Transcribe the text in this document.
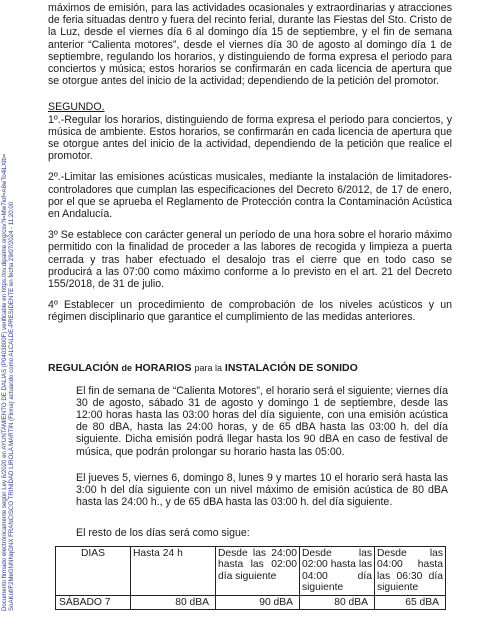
Documento firmado electrónicamente según Ley 6/2020 en AYUNTAMIENTO DE DALIAS (P0403800F) verificable en https://ov.dipalme.org/csv?i=Mw7iof=A8wTo4iLXlb= SoAKof/F2MeGNNNqGNX FRANCISCO TRINIDAD LIROLA MARTIN (Firma) actuando como ALCALDE-PRESIDENTE en fecha 29/07/2024 - 11:20:00

máximos de emisión, para las actividades ocasionales y extraordinarias y atracciones de feria situadas dentro y fuera del recinto ferial, durante las Fiestas del Sto. Cristo de la Luz, desde el viernes día 6 al domingo día 15 de septiembre, y el fin de semana anterior “Calienta motores”, desde el viernes día 30 de agosto al domingo día 1 de septiembre, regulando los horarios, y distinguiendo de forma expresa el periodo para conciertos y música; estos horarios se confirmarán en cada licencia de apertura que se otorgue antes del inicio de la actividad; dependiendo de la petición del promotor.

SEGUNDO.

1º.-Regular los horarios, distinguiendo de forma expresa el periodo para conciertos, y música de ambiente. Estos horarios, se confirmarán en cada licencia de apertura que se otorgue antes del inicio de la actividad, dependiendo de la petición que realice el promotor.

2º.-Limitar las emisiones acústicas musicales, mediante la instalación de limitadores-controladores que cumplan las especificaciones del Decreto 6/2012, de 17 de enero, por el que se aprueba el Reglamento de Protección contra la Contaminación Acústica en Andalucía.

3º Se establece con carácter general un período de una hora sobre el horario máximo permitido con la finalidad de proceder a las labores de recogida y limpieza a puerta cerrada y tras haber efectuado el desalojo tras el cierre que en todo caso se producirá a las 07:00 como máximo conforme a lo previsto en el art. 21 del Decreto 155/2018, de 31 de julio.

4º Establecer un procedimiento de comprobación de los niveles acústicos y un régimen disciplinario que garantice el cumplimiento de las medidas anteriores.

REGULACIÓN de HORARIOS para la INSTALACIÓN DE SONIDO

El fin de semana de “Calienta Motores”, el horario será el siguiente; viernes día 30 de agosto, sábado 31 de agosto y domingo 1 de septiembre, desde las 12:00 horas hasta las 03:00 horas del día siguiente, con una emisión acústica de 80 dBA, hasta las 24:00 horas, y de 65 dBA hasta las 03:00 h. del día siguiente. Dicha emisión podrá llegar hasta los 90 dBA en caso de festival de música, que podrán prolongar su horario hasta las 05:00.

El jueves 5, viernes 6, domingo 8, lunes 9 y martes 10 el horario será hasta las 3:00 h del día siguiente con un nivel máximo de emisión acústica de 80 dBA hasta las 24:00 h., y de 65 dBA hasta las 03:00 h. del día siguiente.

El resto de los días será como sigue:

DIAS	Hasta 24 h	Desde las 24:00 hasta las 02:00 día siguiente	Desde las 02:00 hasta las 04:00 día siguiente	Desde las 04:00 hasta las 06:30 día siguiente
SÁBADO 7	80 dBA	90 dBA	80 dBA	65 dBA
